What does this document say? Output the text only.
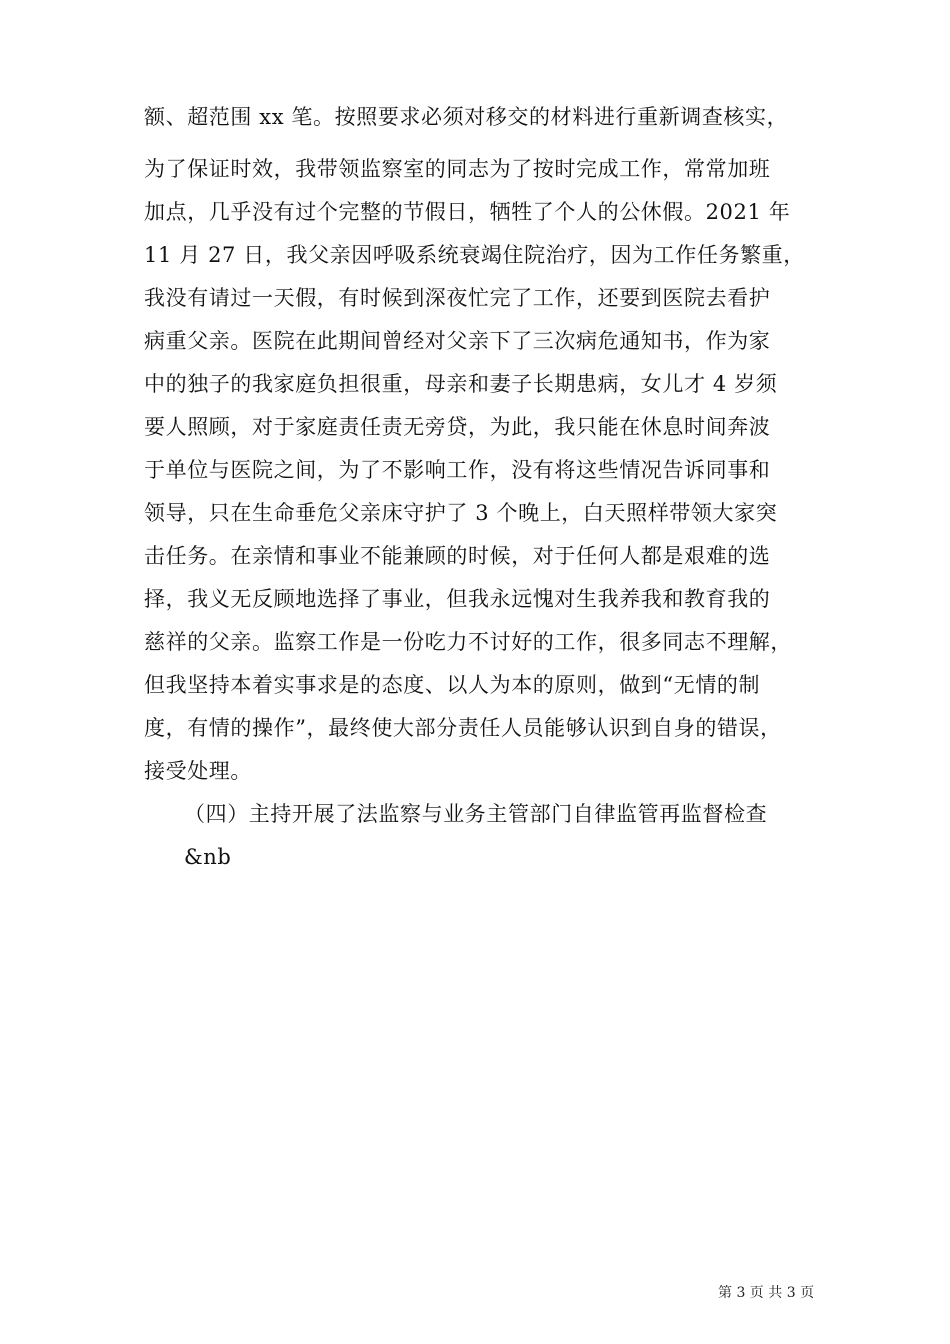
额、超范围 xx 笔。按照要求必须对移交的材料进行重新调查核实，
为了保证时效，我带领监察室的同志为了按时完成工作，常常加班
加点，几乎没有过个完整的节假日，牺牲了个人的公休假。2021 年
11 月 27 日，我父亲因呼吸系统衰竭住院治疗，因为工作任务繁重，
我没有请过一天假，有时候到深夜忙完了工作，还要到医院去看护
病重父亲。医院在此期间曾经对父亲下了三次病危通知书，作为家
中的独子的我家庭负担很重，母亲和妻子长期患病，女儿才 4 岁须
要人照顾，对于家庭责任责无旁贷，为此，我只能在休息时间奔波
于单位与医院之间，为了不影响工作，没有将这些情况告诉同事和
领导，只在生命垂危父亲床守护了 3 个晚上，白天照样带领大家突
击任务。在亲情和事业不能兼顾的时候，对于任何人都是艰难的选
择，我义无反顾地选择了事业，但我永远愧对生我养我和教育我的
慈祥的父亲。监察工作是一份吃力不讨好的工作，很多同志不理解，
但我坚持本着实事求是的态度、以人为本的原则，做到“无情的制
度，有情的操作”，最终使大部分责任人员能够认识到自身的错误，
接受处理。
（四）主持开展了法监察与业务主管部门自律监管再监督检查
&nb
第 3 页 共 3 页
